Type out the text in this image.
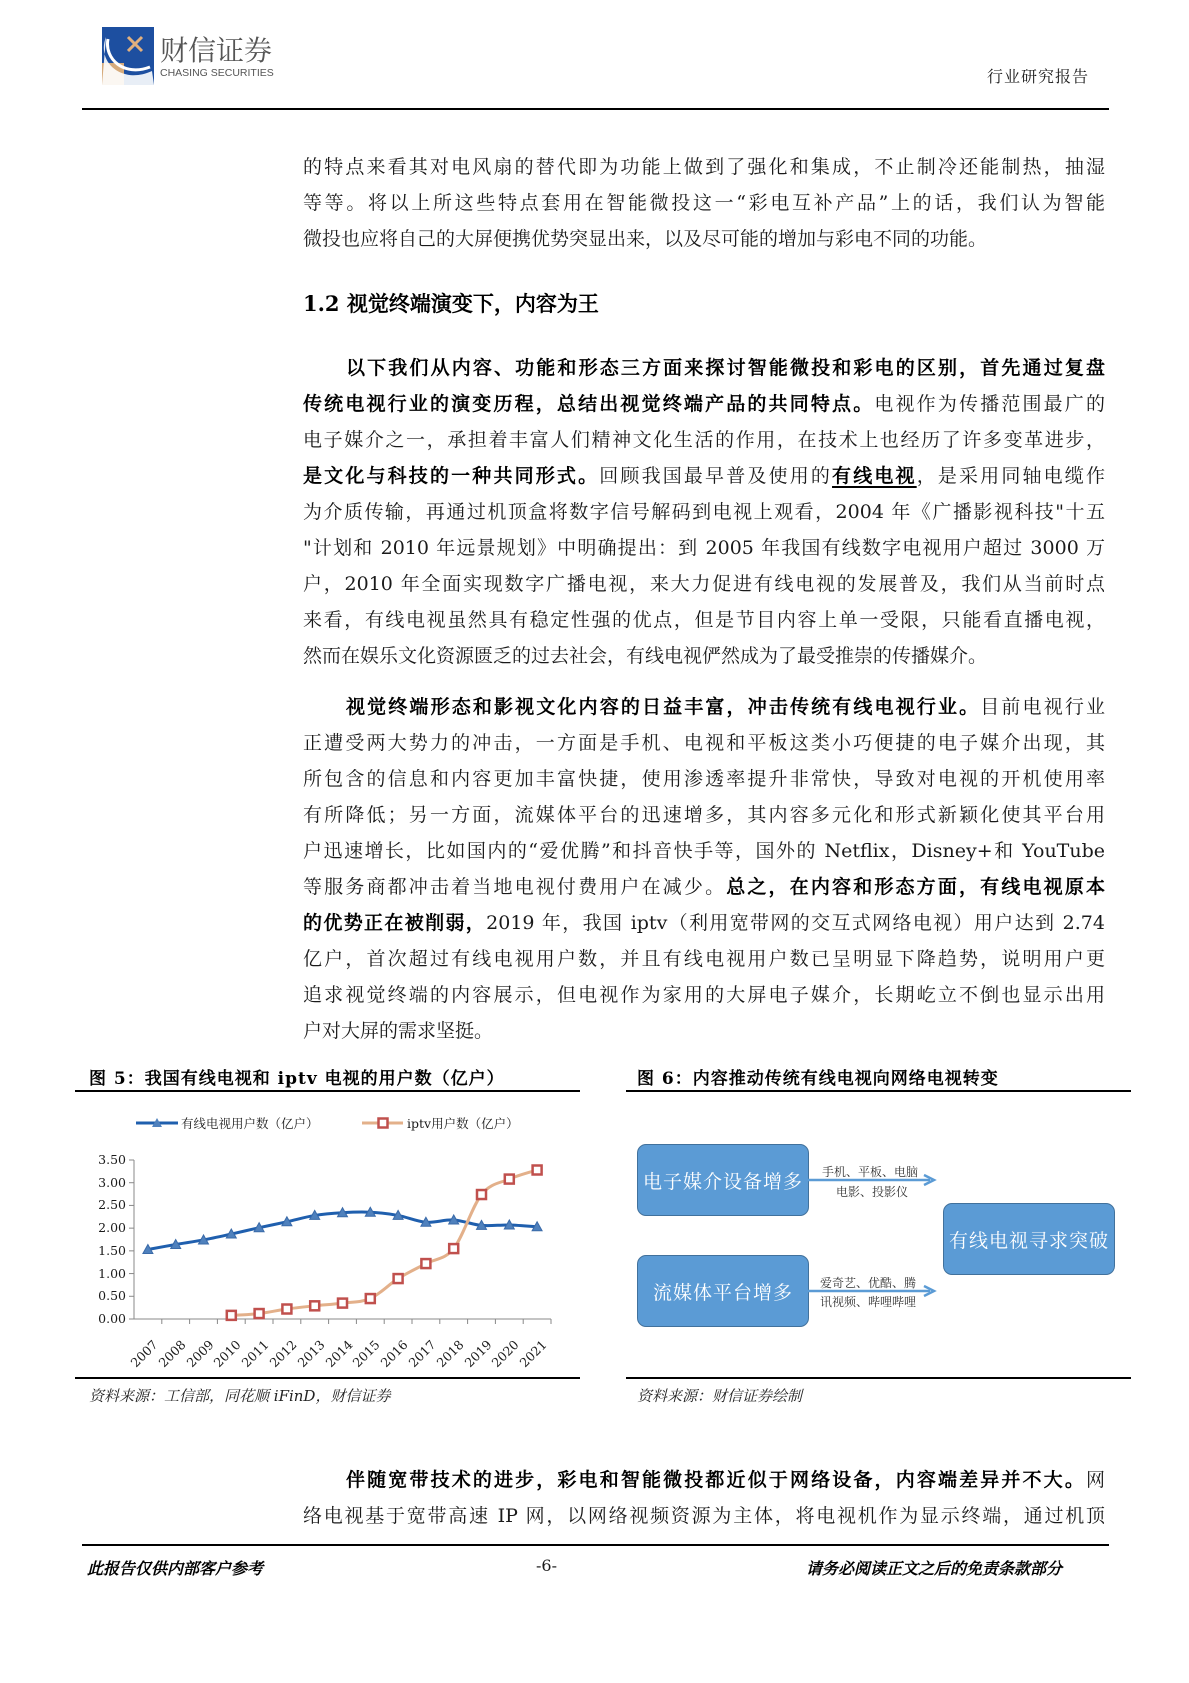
财信证券
CHASING SECURITIES	行业研究报告
的特点来看其对电风扇的替代即为功能上做到了强化和集成，不止制冷还能制热，抽湿
等等。将以上所这些特点套用在智能微投这一“彩电互补产品”上的话，我们认为智能
微投也应将自己的大屏便携优势突显出来，以及尽可能的增加与彩电不同的功能。
1.2 视觉终端演变下，内容为王
以下我们从内容、功能和形态三方面来探讨智能微投和彩电的区别，首先通过复盘
传统电视行业的演变历程，总结出视觉终端产品的共同特点。电视作为传播范围最广的
电子媒介之一，承担着丰富人们精神文化生活的作用，在技术上也经历了许多变革进步，
是文化与科技的一种共同形式。回顾我国最早普及使用的有线电视，是采用同轴电缆作
为介质传输，再通过机顶盒将数字信号解码到电视上观看，2004 年《广播影视科技"十五
"计划和 2010 年远景规划》中明确提出：到 2005 年我国有线数字电视用户超过 3000 万
户，2010 年全面实现数字广播电视，来大力促进有线电视的发展普及，我们从当前时点
来看，有线电视虽然具有稳定性强的优点，但是节目内容上单一受限，只能看直播电视，
然而在娱乐文化资源匮乏的过去社会，有线电视俨然成为了最受推崇的传播媒介。
视觉终端形态和影视文化内容的日益丰富，冲击传统有线电视行业。目前电视行业
正遭受两大势力的冲击，一方面是手机、电视和平板这类小巧便捷的电子媒介出现，其
所包含的信息和内容更加丰富快捷，使用渗透率提升非常快，导致对电视的开机使用率
有所降低；另一方面，流媒体平台的迅速增多，其内容多元化和形式新颖化使其平台用
户迅速增长，比如国内的“爱优腾”和抖音快手等，国外的 Netflix，Disney+和 YouTube
等服务商都冲击着当地电视付费用户在减少。总之，在内容和形态方面，有线电视原本
的优势正在被削弱，2019 年，我国 iptv（利用宽带网的交互式网络电视）用户达到 2.74
亿户，首次超过有线电视用户数，并且有线电视用户数已呈明显下降趋势，说明用户更
追求视觉终端的内容展示，但电视作为家用的大屏电子媒介，长期屹立不倒也显示出用
户对大屏的需求坚挺。
图 5：我国有线电视和 iptv 电视的用户数（亿户）
有线电视用户数（亿户）	iptv用户数（亿户）
0.00
0.50
1.00
1.50
2.00
2.50
3.00
3.50
2007
2008
2009
2010
2011
2012
2013
2014
2015
2016
2017
2018
2019
2020
2021
资料来源：工信部，同花顺 iFinD，财信证券
图 6：内容推动传统有线电视向网络电视转变
电子媒介设备增多
流媒体平台增多
有线电视寻求突破
手机、平板、电脑
电影、投影仪
爱奇艺、优酷、腾
讯视频、哔哩哔哩
资料来源：财信证券绘制
伴随宽带技术的进步，彩电和智能微投都近似于网络设备，内容端差异并不大。网
络电视基于宽带高速 IP 网，以网络视频资源为主体，将电视机作为显示终端，通过机顶
此报告仅供内部客户参考	-6-	请务必阅读正文之后的免责条款部分
